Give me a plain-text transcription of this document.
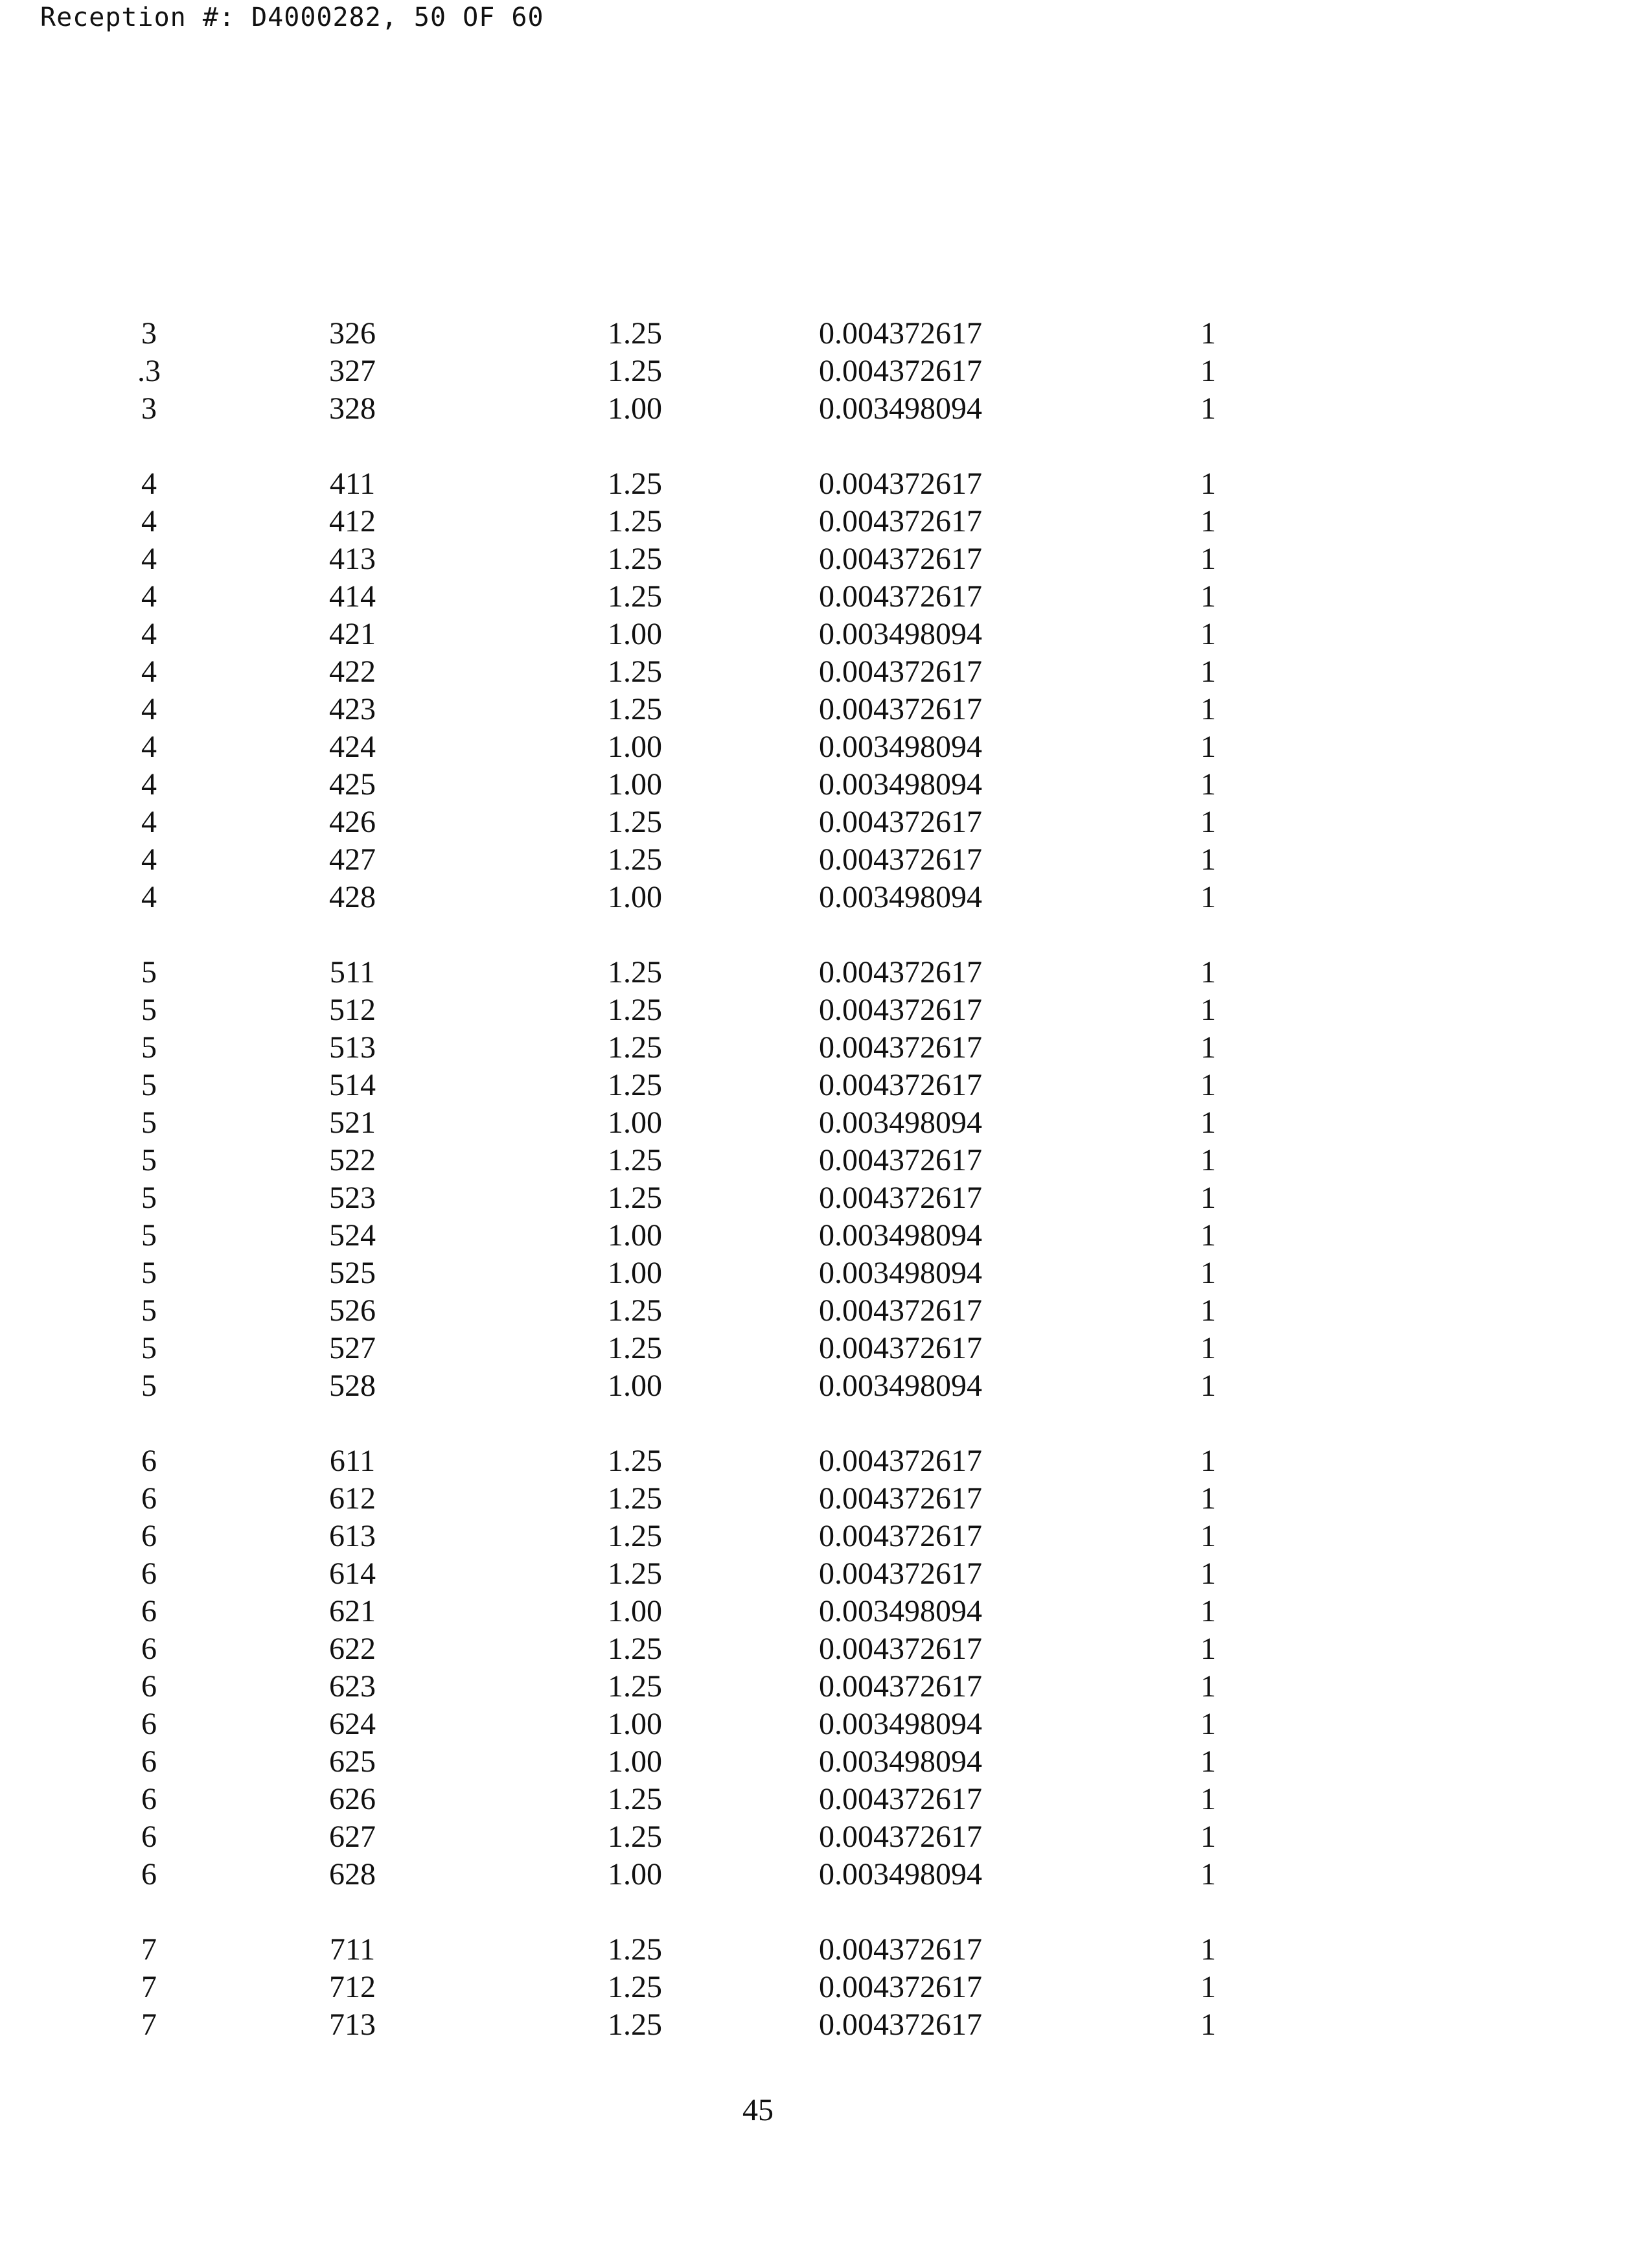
Reception #: D4000282, 50 OF 60
3	326	1.25	0.004372617	1
.3	327	1.25	0.004372617	1
3	328	1.00	0.003498094	1
4	411	1.25	0.004372617	1
4	412	1.25	0.004372617	1
4	413	1.25	0.004372617	1
4	414	1.25	0.004372617	1
4	421	1.00	0.003498094	1
4	422	1.25	0.004372617	1
4	423	1.25	0.004372617	1
4	424	1.00	0.003498094	1
4	425	1.00	0.003498094	1
4	426	1.25	0.004372617	1
4	427	1.25	0.004372617	1
4	428	1.00	0.003498094	1
5	511	1.25	0.004372617	1
5	512	1.25	0.004372617	1
5	513	1.25	0.004372617	1
5	514	1.25	0.004372617	1
5	521	1.00	0.003498094	1
5	522	1.25	0.004372617	1
5	523	1.25	0.004372617	1
5	524	1.00	0.003498094	1
5	525	1.00	0.003498094	1
5	526	1.25	0.004372617	1
5	527	1.25	0.004372617	1
5	528	1.00	0.003498094	1
6	611	1.25	0.004372617	1
6	612	1.25	0.004372617	1
6	613	1.25	0.004372617	1
6	614	1.25	0.004372617	1
6	621	1.00	0.003498094	1
6	622	1.25	0.004372617	1
6	623	1.25	0.004372617	1
6	624	1.00	0.003498094	1
6	625	1.00	0.003498094	1
6	626	1.25	0.004372617	1
6	627	1.25	0.004372617	1
6	628	1.00	0.003498094	1
7	711	1.25	0.004372617	1
7	712	1.25	0.004372617	1
7	713	1.25	0.004372617	1
45
